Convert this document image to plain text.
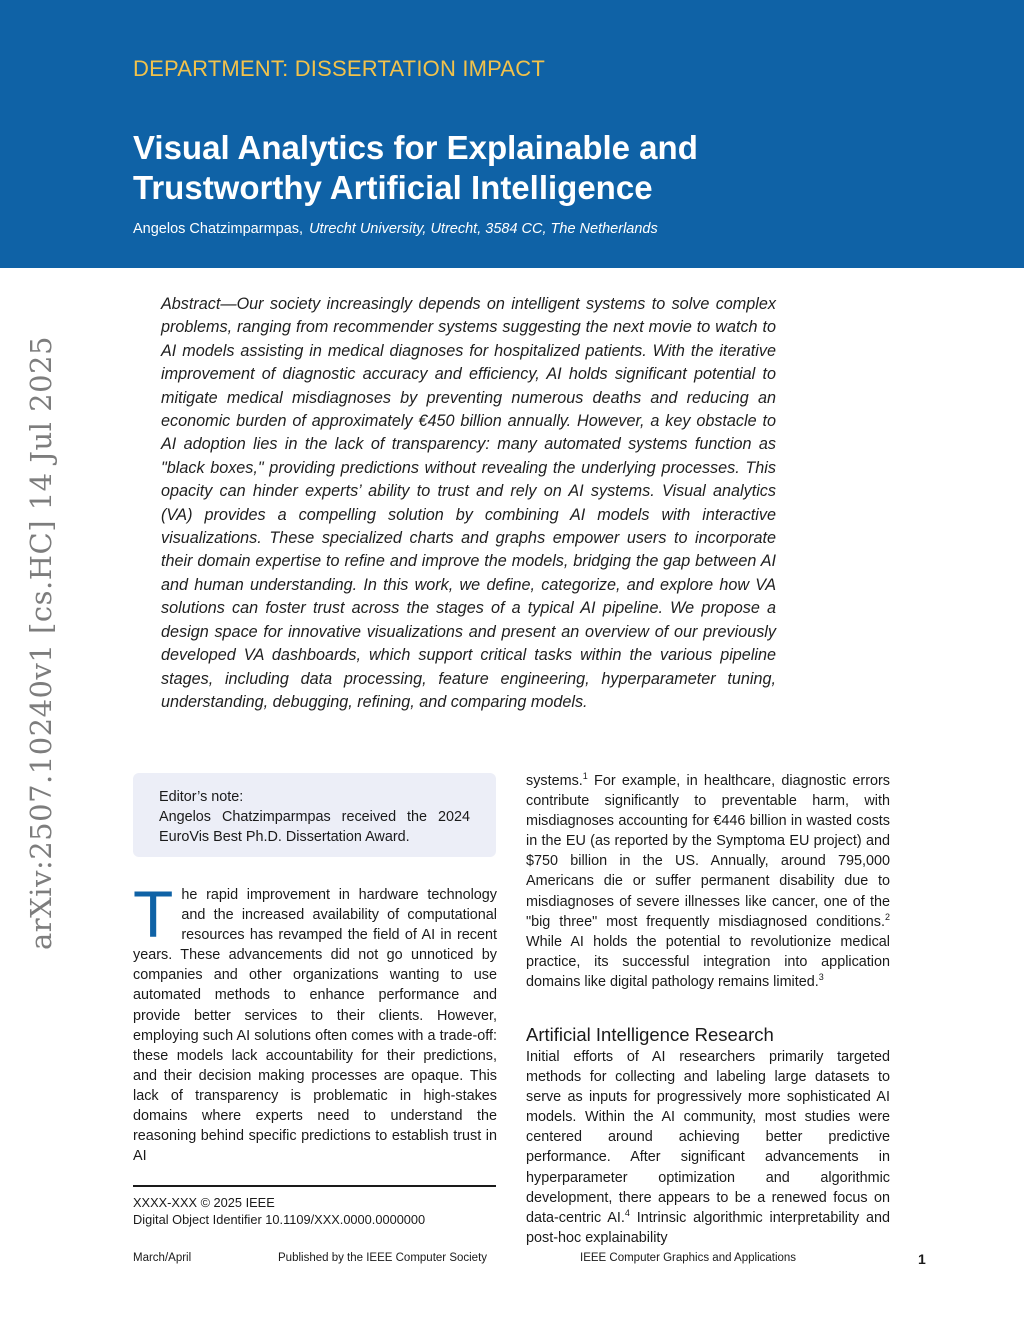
DEPARTMENT: DISSERTATION IMPACT
Visual Analytics for Explainable and
Trustworthy Artificial Intelligence
Angelos Chatzimparmpas, Utrecht University, Utrecht, 3584 CC, The Netherlands
arXiv:2507.10240v1 [cs.HC] 14 Jul 2025

Abstract—Our society increasingly depends on intelligent systems to solve complex problems, ranging from recommender systems suggesting the next movie to watch to AI models assisting in medical diagnoses for hospitalized patients. With the iterative improvement of diagnostic accuracy and efficiency, AI holds significant potential to mitigate medical misdiagnoses by preventing numerous deaths and reducing an economic burden of approximately €450 billion annually. However, a key obstacle to AI adoption lies in the lack of transparency: many automated systems function as "black boxes," providing predictions without revealing the underlying processes. This opacity can hinder experts’ ability to trust and rely on AI systems. Visual analytics (VA) provides a compelling solution by combining AI models with interactive visualizations. These specialized charts and graphs empower users to incorporate their domain expertise to refine and improve the models, bridging the gap between AI and human understanding. In this work, we define, categorize, and explore how VA solutions can foster trust across the stages of a typical AI pipeline. We propose a design space for innovative visualizations and present an overview of our previously developed VA dashboards, which support critical tasks within the various pipeline stages, including data processing, feature engineering, hyperparameter tuning, understanding, debugging, refining, and comparing models.

Editor’s note:
Angelos Chatzimparmpas received the 2024 EuroVis Best Ph.D. Dissertation Award.

The rapid improvement in hardware technology and the increased availability of computational resources has revamped the field of AI in recent years. These advancements did not go unnoticed by companies and other organizations wanting to use automated methods to enhance performance and provide better services to their clients. However, employing such AI solutions often comes with a trade-off: these models lack accountability for their predictions, and their decision making processes are opaque. This lack of transparency is problematic in high-stakes domains where experts need to understand the reasoning behind specific predictions to establish trust in AI

systems.$^1$ For example, in healthcare, diagnostic errors contribute significantly to preventable harm, with misdiagnoses accounting for €446 billion in wasted costs in the EU (as reported by the Symptoma EU project) and $750 billion in the US. Annually, around 795,000 Americans die or suffer permanent disability due to misdiagnoses of severe illnesses like cancer, one of the "big three" most frequently misdiagnosed conditions.$^2$ While AI holds the potential to revolutionize medical practice, its successful integration into application domains like digital pathology remains limited.$^3$

Artificial Intelligence Research

Initial efforts of AI researchers primarily targeted methods for collecting and labeling large datasets to serve as inputs for progressively more sophisticated AI models. Within the AI community, most studies were centered around achieving better predictive performance. After significant advancements in hyperparameter optimization and algorithmic development, there appears to be a renewed focus on data-centric AI.$^4$ Intrinsic algorithmic interpretability and post-hoc explainability

XXXX-XXX © 2025 IEEE
Digital Object Identifier 10.1109/XXX.0000.0000000
March/April	Published by the IEEE Computer Society	IEEE Computer Graphics and Applications	1
